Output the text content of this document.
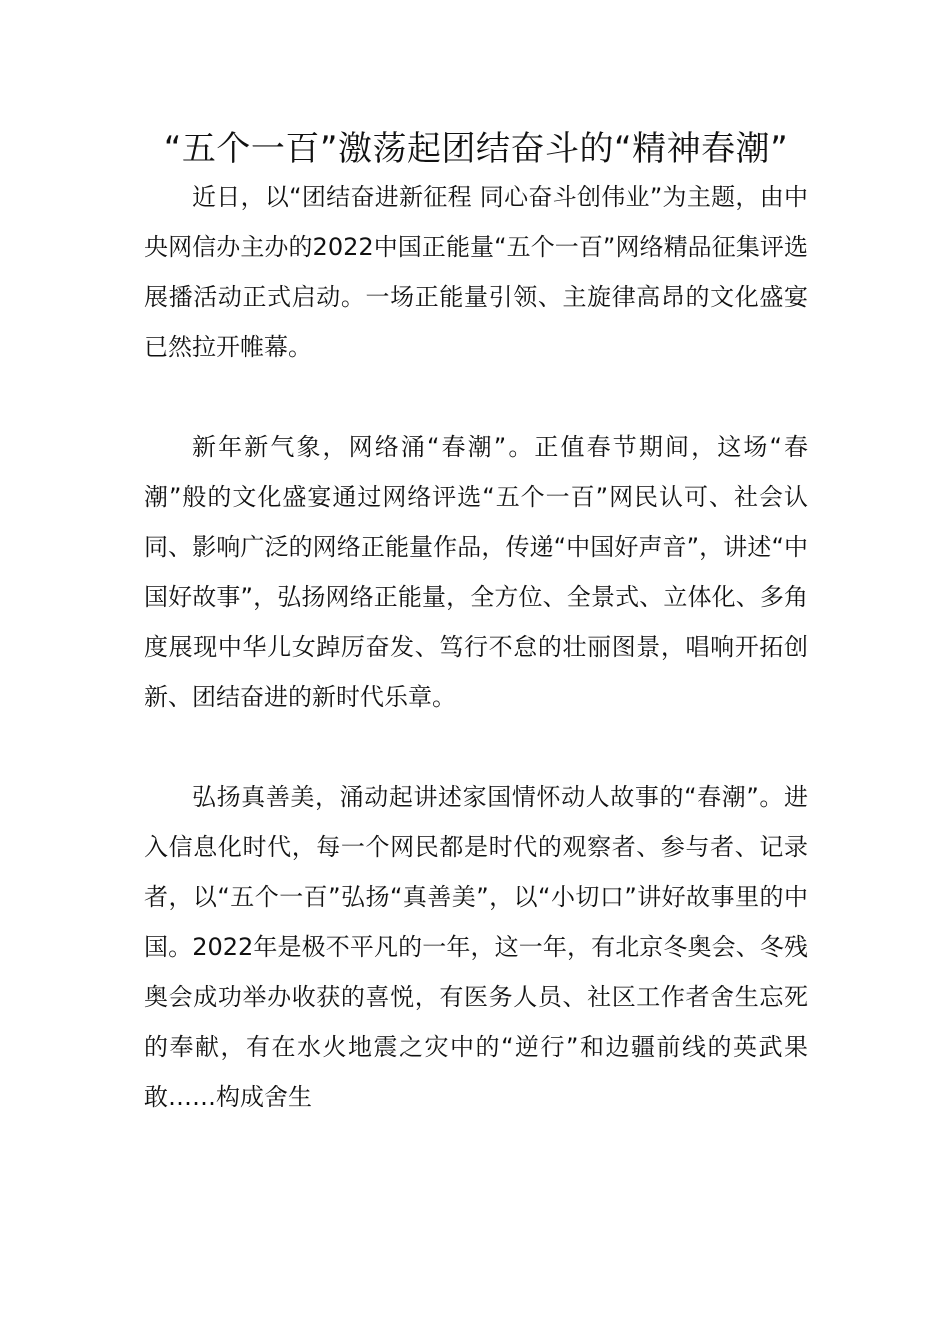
“五个一百”激荡起团结奋斗的“精神春潮”

近日，以“团结奋进新征程 同心奋斗创伟业”为主题，由中央网信办主办的2022中国正能量“五个一百”网络精品征集评选展播活动正式启动。一场正能量引领、主旋律高昂的文化盛宴已然拉开帷幕。

新年新气象，网络涌“春潮”。正值春节期间，这场“春潮”般的文化盛宴通过网络评选“五个一百”网民认可、社会认同、影响广泛的网络正能量作品，传递“中国好声音”，讲述“中国好故事”，弘扬网络正能量，全方位、全景式、立体化、多角度展现中华儿女踔厉奋发、笃行不怠的壮丽图景，唱响开拓创新、团结奋进的新时代乐章。

弘扬真善美，涌动起讲述家国情怀动人故事的“春潮”。进入信息化时代，每一个网民都是时代的观察者、参与者、记录者，以“五个一百”弘扬“真善美”，以“小切口”讲好故事里的中国。2022年是极不平凡的一年，这一年，有北京冬奥会、冬残奥会成功举办收获的喜悦，有医务人员、社区工作者舍生忘死的奉献，有在水火地震之灾中的“逆行”和边疆前线的英武果敢……构成舍生
